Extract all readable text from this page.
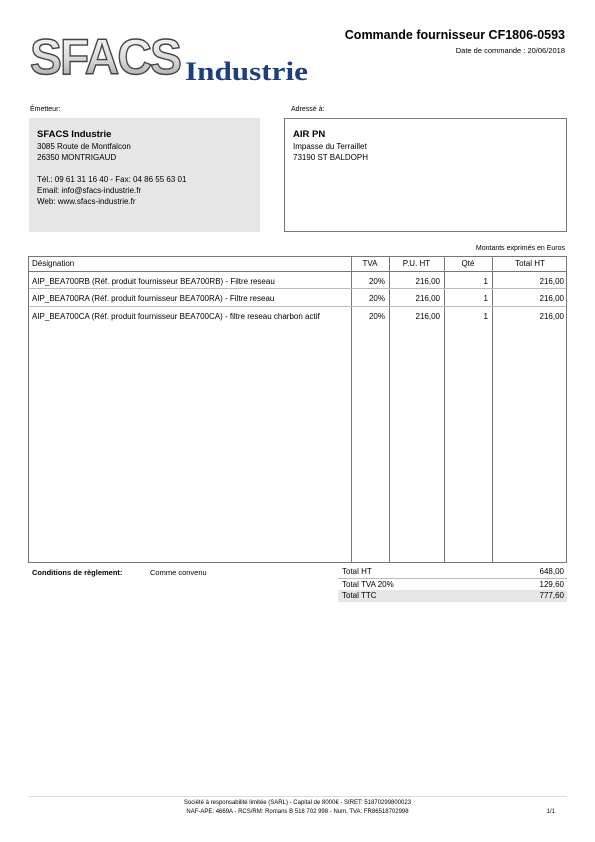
SFACS Industrie
Commande fournisseur CF1806-0593
Date de commande : 20/06/2018
Émetteur:	Adressé à:
SFACS Industrie
3085 Route de Montfalcon
26350 MONTRIGAUD
Tél.: 09 61 31 16 40 - Fax: 04 86 55 63 01
Email: info@sfacs-industrie.fr
Web: www.sfacs-industrie.fr
AIR PN
Impasse du Terraillet
73190 ST BALDOPH
Montants exprimés en Euros
Désignation	TVA	P.U. HT	Qté	Total HT
AIP_BEA700RB (Réf. produit fournisseur BEA700RB) - Filtre reseau	20%	216,00	1	216,00
AIP_BEA700RA (Réf. produit fournisseur BEA700RA) - Filtre reseau	20%	216,00	1	216,00
AIP_BEA700CA (Réf. produit fournisseur BEA700CA) - filtre reseau charbon actif	20%	216,00	1	216,00
Conditions de règlement:	Comme convenu	Total HT	648,00
Total TVA 20%	129,60
Total TTC	777,60
Société à responsabilité limitée (SARL) - Capital de 8000€ - SIRET: 51870299800023
NAF-APE: 4669A - RCS/RM: Romans B 518 702 998 - Num. TVA: FR86518702998	1/1
